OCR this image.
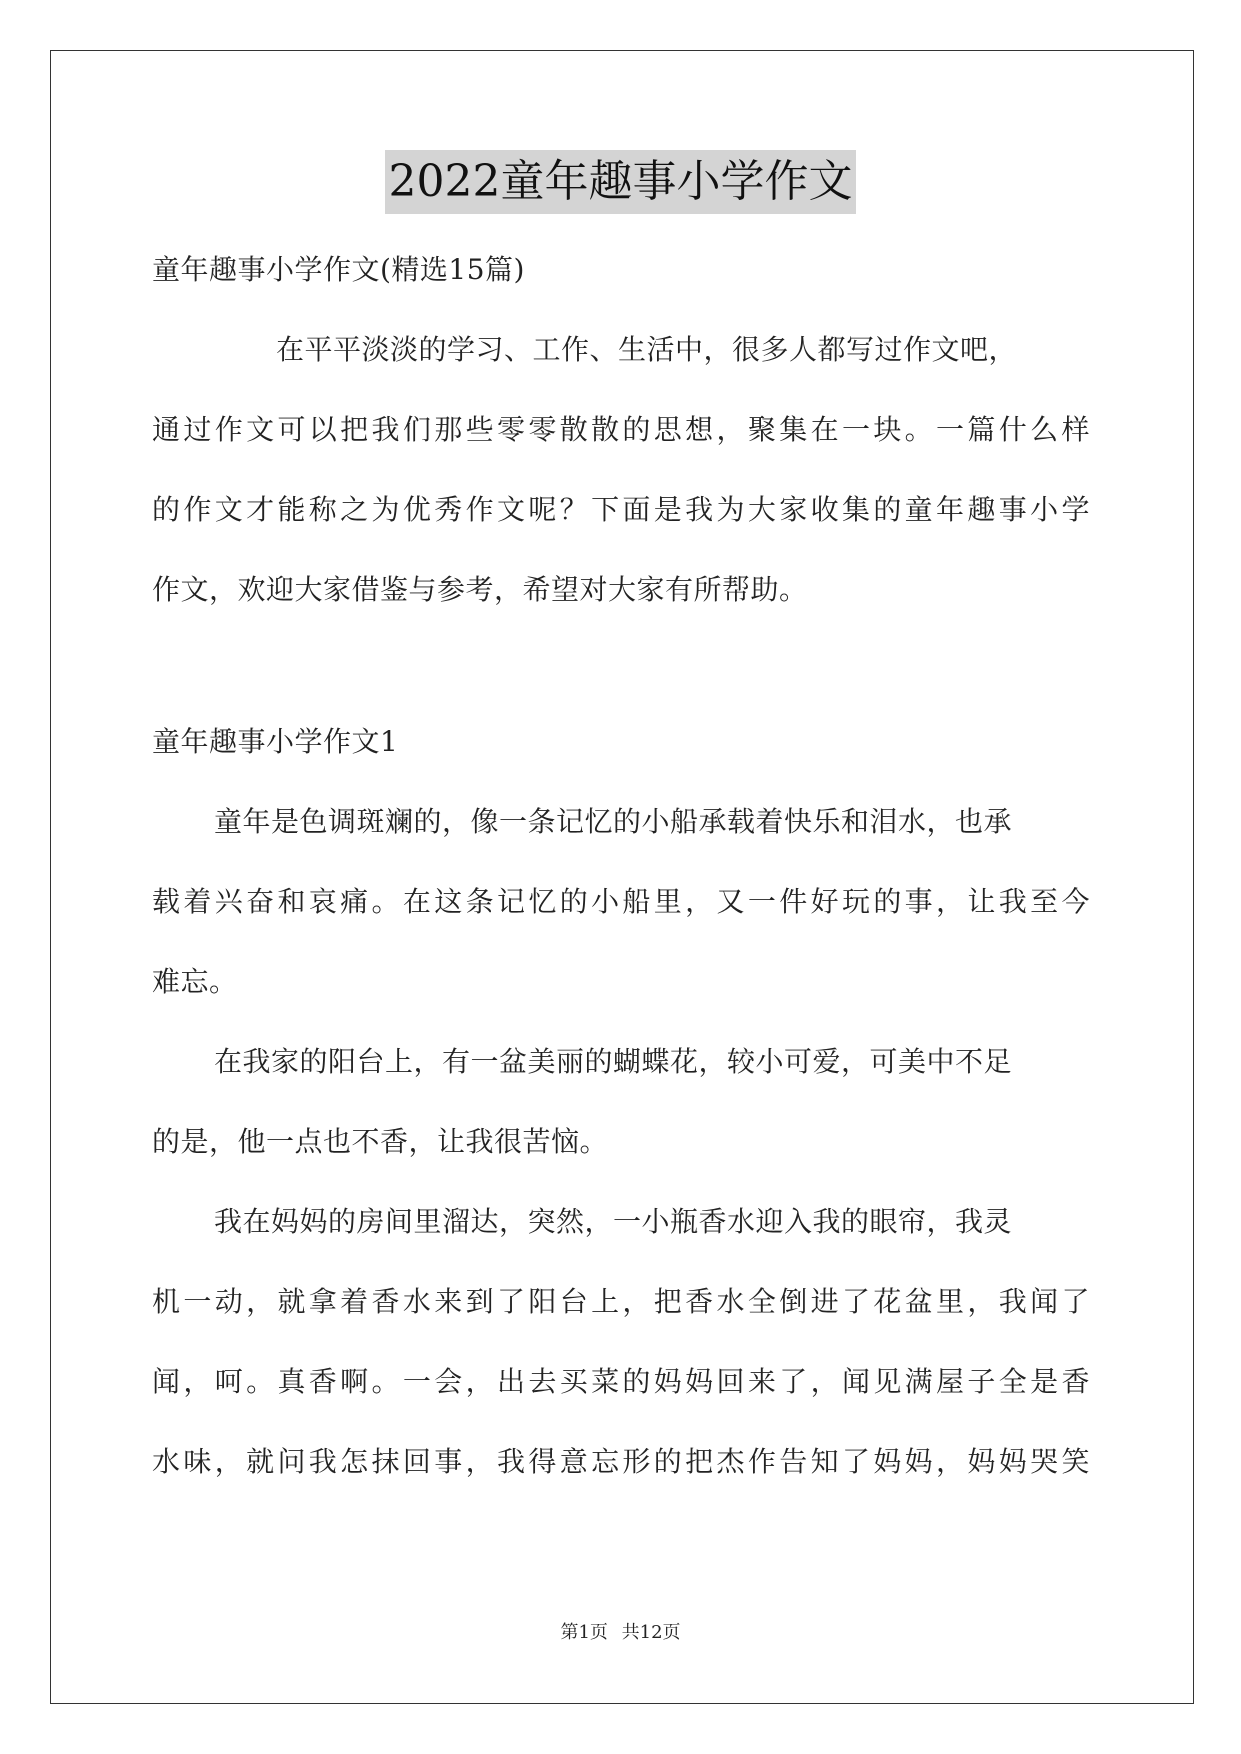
2022童年趣事小学作文
童年趣事小学作文(精选15篇)
在平平淡淡的学习、工作、生活中，很多人都写过作文吧，
通过作文可以把我们那些零零散散的思想，聚集在一块。一篇什么样
的作文才能称之为优秀作文呢？下面是我为大家收集的童年趣事小学
作文，欢迎大家借鉴与参考，希望对大家有所帮助。
童年趣事小学作文1
童年是色调斑斓的，像一条记忆的小船承载着快乐和泪水，也承
载着兴奋和哀痛。在这条记忆的小船里，又一件好玩的事，让我至今
难忘。
在我家的阳台上，有一盆美丽的蝴蝶花，较小可爱，可美中不足
的是，他一点也不香，让我很苦恼。
我在妈妈的房间里溜达，突然，一小瓶香水迎入我的眼帘，我灵
机一动，就拿着香水来到了阳台上，把香水全倒进了花盆里，我闻了
闻，呵。真香啊。一会，出去买菜的妈妈回来了，闻见满屋子全是香
水味，就问我怎抹回事，我得意忘形的把杰作告知了妈妈，妈妈哭笑
第1页 共12页
